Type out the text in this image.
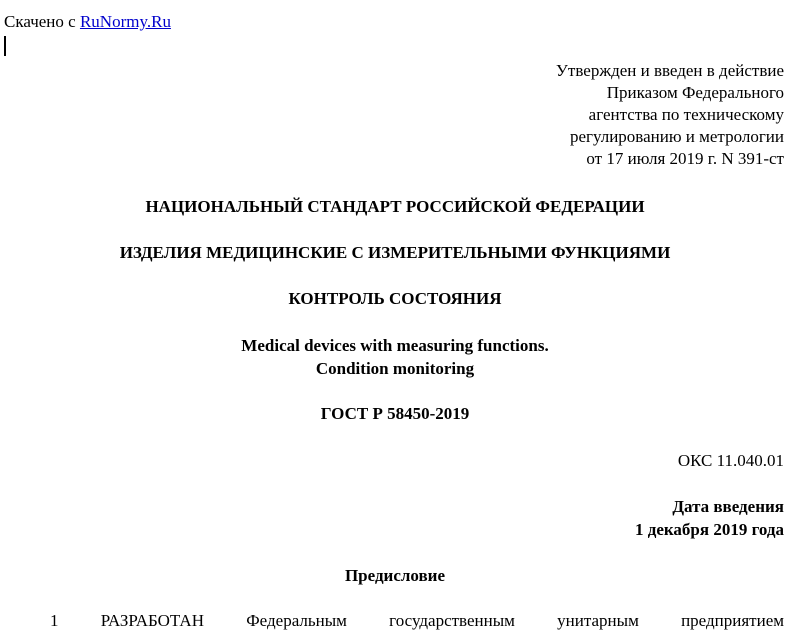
Скачено с RuNormy.Ru
Утвержден и введен в действие
Приказом Федерального
агентства по техническому
регулированию и метрологии
от 17 июля 2019 г. N 391-ст
НАЦИОНАЛЬНЫЙ СТАНДАРТ РОССИЙСКОЙ ФЕДЕРАЦИИ
ИЗДЕЛИЯ МЕДИЦИНСКИЕ С ИЗМЕРИТЕЛЬНЫМИ ФУНКЦИЯМИ
КОНТРОЛЬ СОСТОЯНИЯ
Medical devices with measuring functions.
Condition monitoring
ГОСТ Р 58450-2019
ОКС 11.040.01
Дата введения
1 декабря 2019 года
Предисловие
1 РАЗРАБОТАН Федеральным государственным унитарным предприятием
